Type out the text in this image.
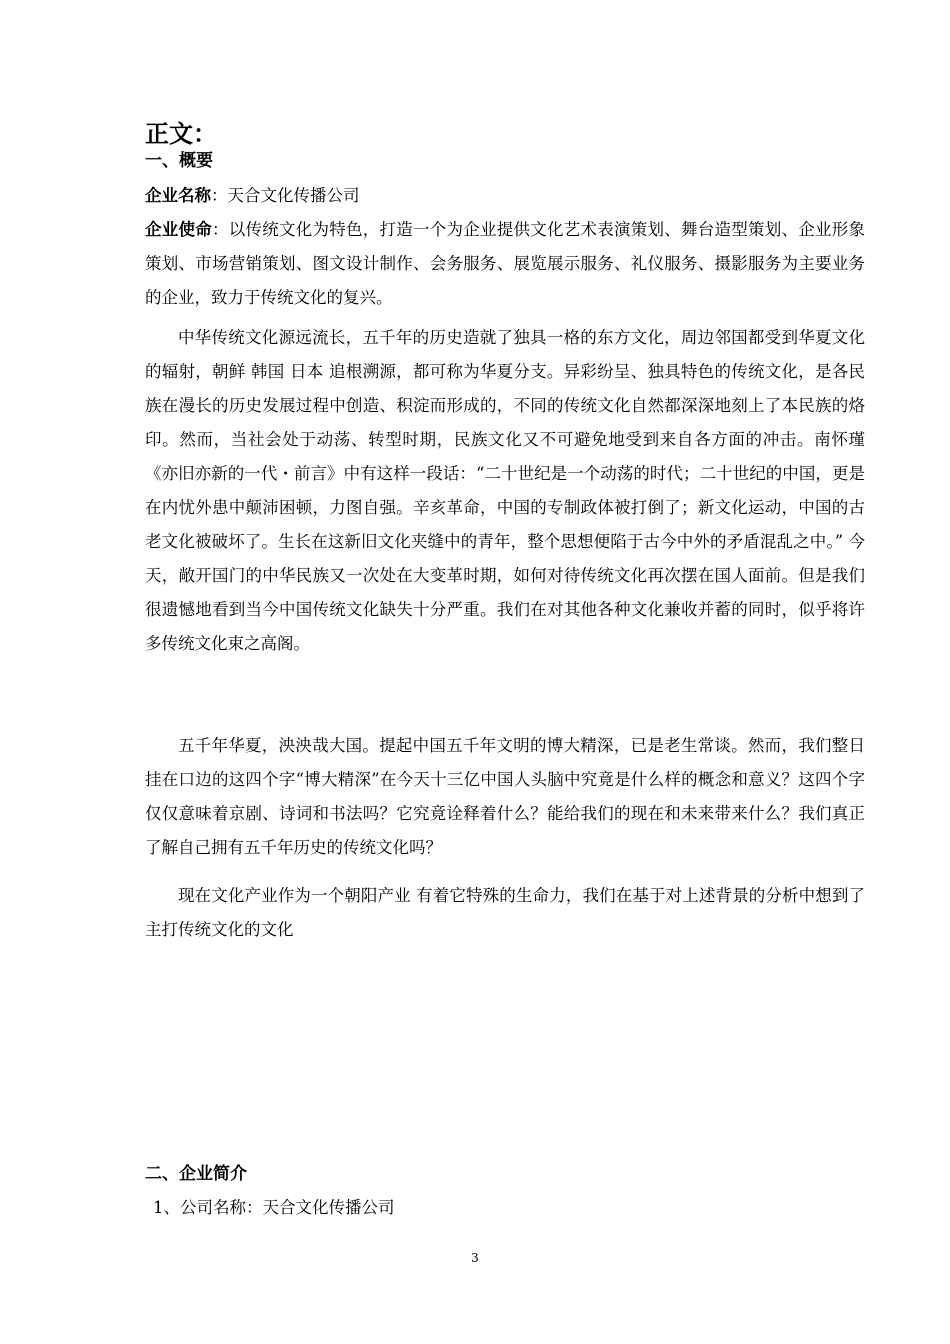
正文：
一、概要

企业名称：天合文化传播公司

企业使命：以传统文化为特色，打造一个为企业提供文化艺术表演策划、舞台造型策划、企业形象策划、市场营销策划、图文设计制作、会务服务、展览展示服务、礼仪服务、摄影服务为主要业务的企业，致力于传统文化的复兴。

中华传统文化源远流长，五千年的历史造就了独具一格的东方文化，周边邻国都受到华夏文化的辐射，朝鲜 韩国 日本 追根溯源，都可称为华夏分支。异彩纷呈、独具特色的传统文化，是各民族在漫长的历史发展过程中创造、积淀而形成的，不同的传统文化自然都深深地刻上了本民族的烙印。然而，当社会处于动荡、转型时期，民族文化又不可避免地受到来自各方面的冲击。南怀瑾《亦旧亦新的一代・前言》中有这样一段话：“二十世纪是一个动荡的时代；二十世纪的中国，更是在内忧外患中颠沛困顿，力图自强。辛亥革命，中国的专制政体被打倒了；新文化运动，中国的古老文化被破坏了。生长在这新旧文化夹缝中的青年，整个思想便陷于古今中外的矛盾混乱之中。” 今天，敞开国门的中华民族又一次处在大变革时期，如何对待传统文化再次摆在国人面前。但是我们很遗憾地看到当今中国传统文化缺失十分严重。我们在对其他各种文化兼收并蓄的同时，似乎将许多传统文化束之高阁。

五千年华夏，泱泱哉大国。提起中国五千年文明的博大精深，已是老生常谈。然而，我们整日挂在口边的这四个字“博大精深”在今天十三亿中国人头脑中究竟是什么样的概念和意义？这四个字仅仅意味着京剧、诗词和书法吗？它究竟诠释着什么？能给我们的现在和未来带来什么？我们真正了解自己拥有五千年历史的传统文化吗？

现在文化产业作为一个朝阳产业 有着它特殊的生命力，我们在基于对上述背景的分析中想到了主打传统文化的文化

二、企业简介

1、公司名称：天合文化传播公司

3
